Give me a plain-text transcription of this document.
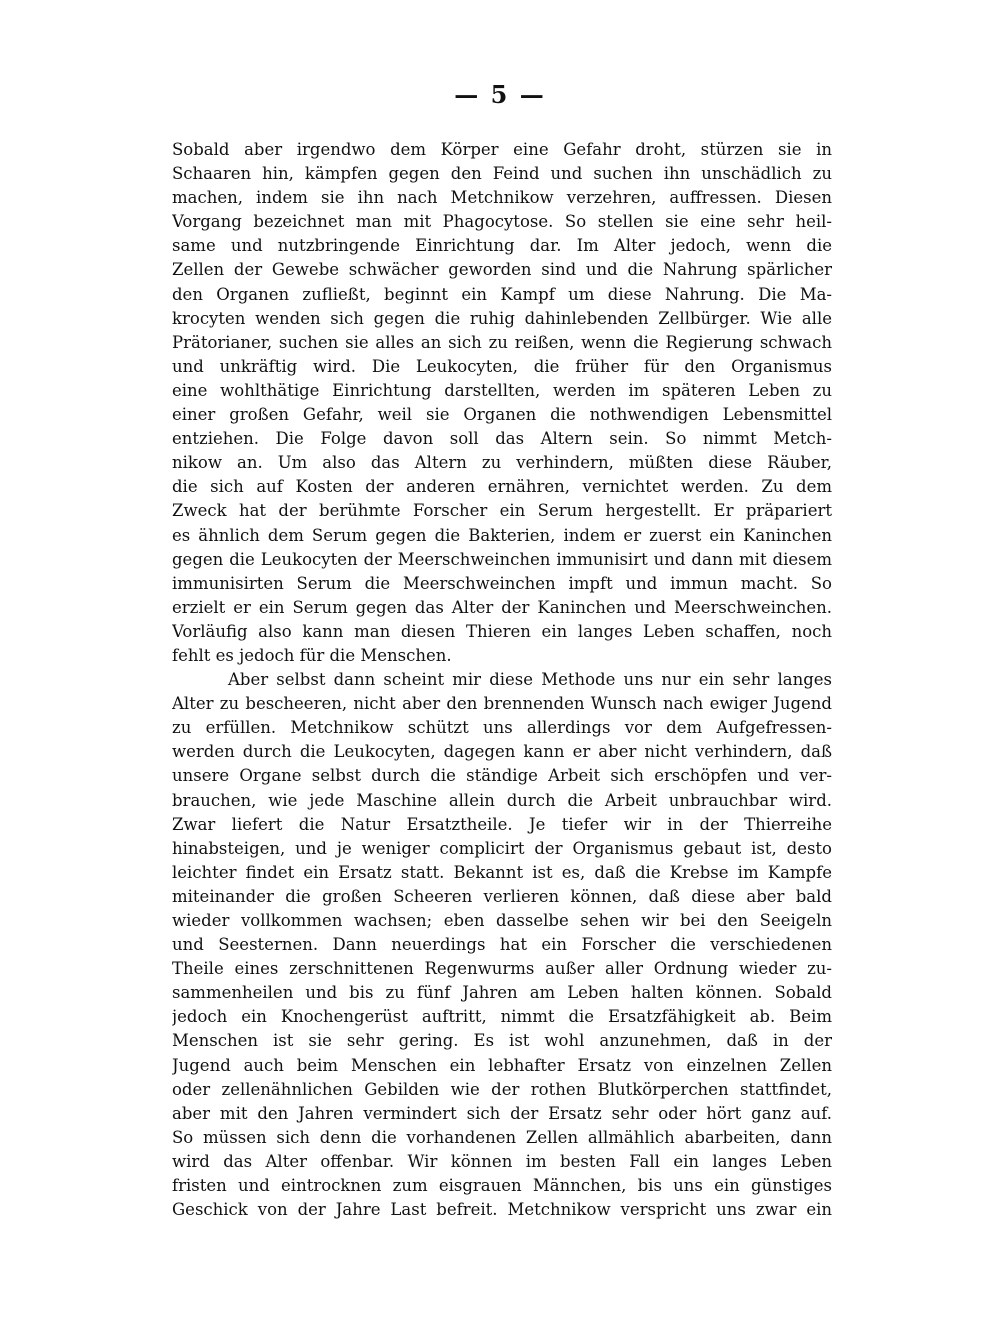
— 5 —
Sobald aber irgendwo dem Körper eine Gefahr droht, stürzen sie in
Schaaren hin, kämpfen gegen den Feind und suchen ihn unschädlich zu
machen, indem sie ihn nach Metchnikow verzehren, auffressen. Diesen
Vorgang bezeichnet man mit Phagocytose. So stellen sie eine sehr heil-
same und nutzbringende Einrichtung dar. Im Alter jedoch, wenn die
Zellen der Gewebe schwächer geworden sind und die Nahrung spärlicher
den Organen zufließt, beginnt ein Kampf um diese Nahrung. Die Ma-
krocyten wenden sich gegen die ruhig dahinlebenden Zellbürger. Wie alle
Prätorianer, suchen sie alles an sich zu reißen, wenn die Regierung schwach
und unkräftig wird. Die Leukocyten, die früher für den Organismus
eine wohlthätige Einrichtung darstellten, werden im späteren Leben zu
einer großen Gefahr, weil sie Organen die nothwendigen Lebensmittel
entziehen. Die Folge davon soll das Altern sein. So nimmt Metch-
nikow an. Um also das Altern zu verhindern, müßten diese Räuber,
die sich auf Kosten der anderen ernähren, vernichtet werden. Zu dem
Zweck hat der berühmte Forscher ein Serum hergestellt. Er präpariert
es ähnlich dem Serum gegen die Bakterien, indem er zuerst ein Kaninchen
gegen die Leukocyten der Meerschweinchen immunisirt und dann mit diesem
immunisirten Serum die Meerschweinchen impft und immun macht. So
erzielt er ein Serum gegen das Alter der Kaninchen und Meerschweinchen.
Vorläufig also kann man diesen Thieren ein langes Leben schaffen, noch
fehlt es jedoch für die Menschen.
Aber selbst dann scheint mir diese Methode uns nur ein sehr langes
Alter zu bescheeren, nicht aber den brennenden Wunsch nach ewiger Jugend
zu erfüllen. Metchnikow schützt uns allerdings vor dem Aufgefressen-
werden durch die Leukocyten, dagegen kann er aber nicht verhindern, daß
unsere Organe selbst durch die ständige Arbeit sich erschöpfen und ver-
brauchen, wie jede Maschine allein durch die Arbeit unbrauchbar wird.
Zwar liefert die Natur Ersatztheile. Je tiefer wir in der Thierreihe
hinabsteigen, und je weniger complicirt der Organismus gebaut ist, desto
leichter findet ein Ersatz statt. Bekannt ist es, daß die Krebse im Kampfe
miteinander die großen Scheeren verlieren können, daß diese aber bald
wieder vollkommen wachsen; eben dasselbe sehen wir bei den Seeigeln
und Seesternen. Dann neuerdings hat ein Forscher die verschiedenen
Theile eines zerschnittenen Regenwurms außer aller Ordnung wieder zu-
sammenheilen und bis zu fünf Jahren am Leben halten können. Sobald
jedoch ein Knochengerüst auftritt, nimmt die Ersatzfähigkeit ab. Beim
Menschen ist sie sehr gering. Es ist wohl anzunehmen, daß in der
Jugend auch beim Menschen ein lebhafter Ersatz von einzelnen Zellen
oder zellenähnlichen Gebilden wie der rothen Blutkörperchen stattfindet,
aber mit den Jahren vermindert sich der Ersatz sehr oder hört ganz auf.
So müssen sich denn die vorhandenen Zellen allmählich abarbeiten, dann
wird das Alter offenbar. Wir können im besten Fall ein langes Leben
fristen und eintrocknen zum eisgrauen Männchen, bis uns ein günstiges
Geschick von der Jahre Last befreit. Metchnikow verspricht uns zwar ein
